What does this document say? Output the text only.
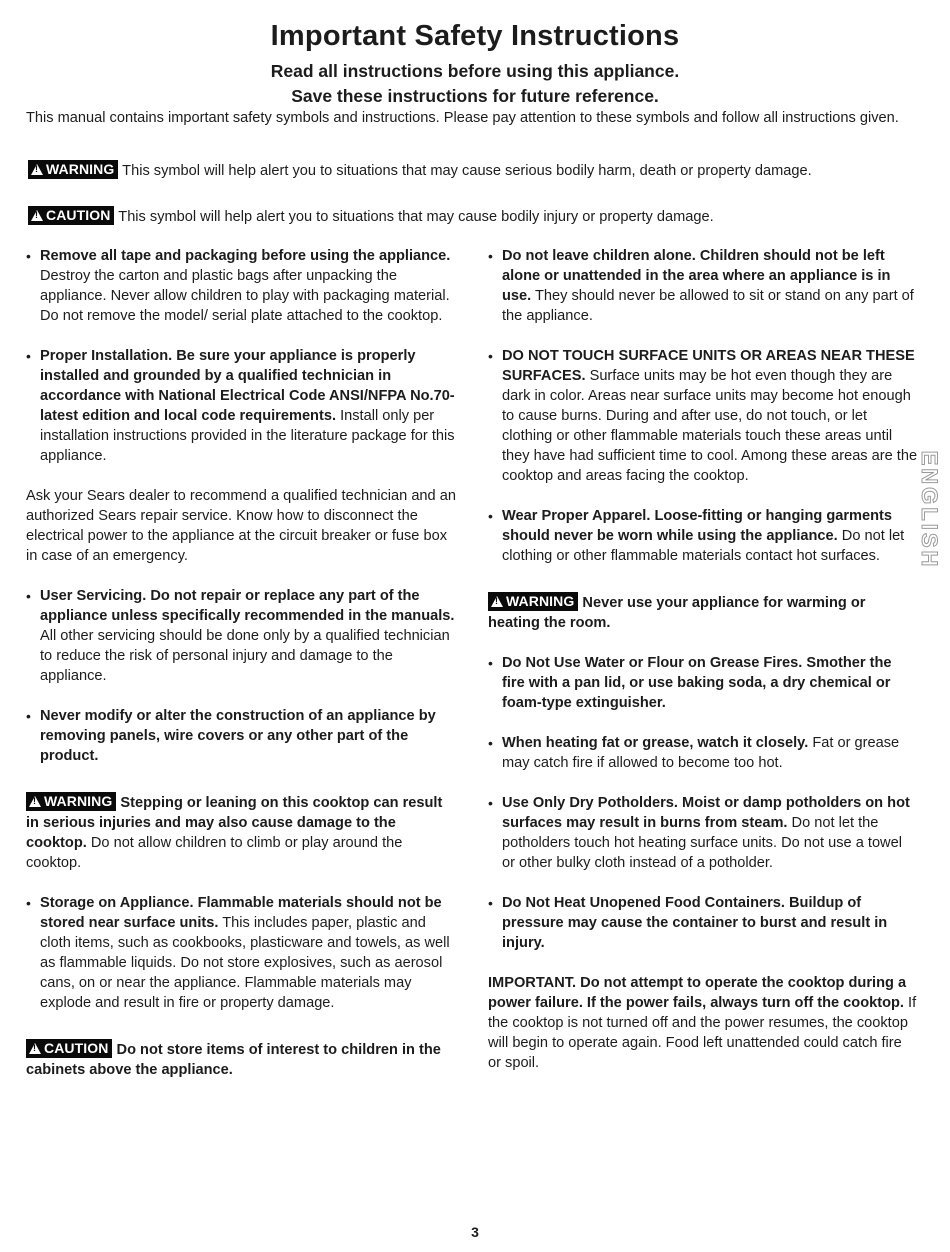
Important Safety Instructions
Read all instructions before using this appliance.
Save these instructions for future reference.

This manual contains important safety symbols and instructions. Please pay attention to these symbols and follow all instructions given.

!WARNING This symbol will help alert you to situations that may cause serious bodily harm, death or property damage.
!CAUTION This symbol will help alert you to situations that may cause bodily injury or property damage.
• Remove all tape and packaging before using the appliance. Destroy the carton and plastic bags after unpacking the appliance. Never allow children to play with packaging material. Do not remove the model/ serial plate attached to the cooktop.
• Proper Installation. Be sure your appliance is properly installed and grounded by a qualified technician in accordance with National Electrical Code ANSI/NFPA No.70-latest edition and local code requirements. Install only per installation instructions provided in the literature package for this appliance.
Ask your Sears dealer to recommend a qualified technician and an authorized Sears repair service. Know how to disconnect the electrical power to the appliance at the circuit breaker or fuse box in case of an emergency.
• User Servicing. Do not repair or replace any part of the appliance unless specifically recommended in the manuals. All other servicing should be done only by a qualified technician to reduce the risk of personal injury and damage to the appliance.
• Never modify or alter the construction of an appliance by removing panels, wire covers or any other part of the product.
!WARNING Stepping or leaning on this cooktop can result in serious injuries and may also cause damage to the cooktop. Do not allow children to climb or play around the cooktop.
• Storage on Appliance. Flammable materials should not be stored near surface units. This includes paper, plastic and cloth items, such as cookbooks, plasticware and towels, as well as flammable liquids. Do not store explosives, such as aerosol cans, on or near the appliance. Flammable materials may explode and result in fire or property damage.
!CAUTION Do not store items of interest to children in the cabinets above the appliance.
• Do not leave children alone. Children should not be left alone or unattended in the area where an appliance is in use. They should never be allowed to sit or stand on any part of the appliance.
• DO NOT TOUCH SURFACE UNITS OR AREAS NEAR THESE SURFACES. Surface units may be hot even though they are dark in color. Areas near surface units may become hot enough to cause burns. During and after use, do not touch, or let clothing or other flammable materials touch these areas until they have had sufficient time to cool. Among these areas are the cooktop and areas facing the cooktop.
• Wear Proper Apparel. Loose-fitting or hanging garments should never be worn while using the appliance. Do not let clothing or other flammable materials contact hot surfaces.
!WARNING Never use your appliance for warming or heating the room.
• Do Not Use Water or Flour on Grease Fires. Smother the fire with a pan lid, or use baking soda, a dry chemical or foam-type extinguisher.
• When heating fat or grease, watch it closely. Fat or grease may catch fire if allowed to become too hot.
• Use Only Dry Potholders. Moist or damp potholders on hot surfaces may result in burns from steam. Do not let the potholders touch hot heating surface units. Do not use a towel or other bulky cloth instead of a potholder.
• Do Not Heat Unopened Food Containers. Buildup of pressure may cause the container to burst and result in injury.
IMPORTANT. Do not attempt to operate the cooktop during a power failure. If the power fails, always turn off the cooktop. If the cooktop is not turned off and the power resumes, the cooktop will begin to operate again. Food left unattended could catch fire or spoil.
ENGLISH
3
